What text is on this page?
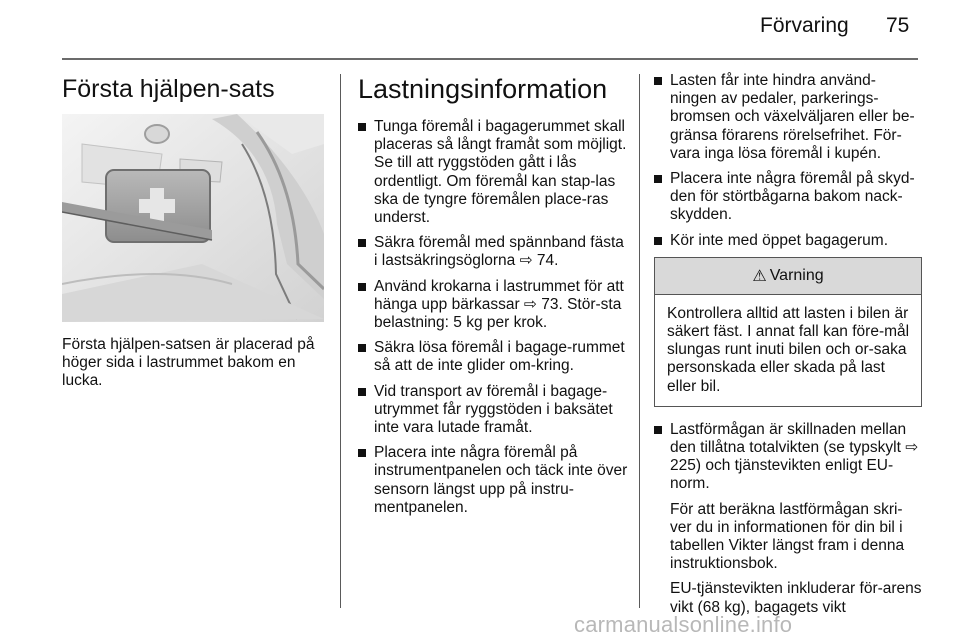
Förvaring 75
Första hjälpen-sats

Första hjälpen-satsen är placerad på höger sida i lastrummet bakom en lucka.

Lastningsinformation
Tunga föremål i bagagerummet skall placeras så långt framåt som möjligt. Se till att ryggstöden gått i lås ordentligt. Om föremål kan stap-las ska de tyngre föremålen place-ras underst.
Säkra föremål med spännband fästa i lastsäkringsöglorna ⇨ 74.
Använd krokarna i lastrummet för att hänga upp bärkassar ⇨ 73. Stör-sta belastning: 5 kg per krok.
Säkra lösa föremål i bagage-rummet så att de inte glider om-kring.
Vid transport av föremål i bagage-utrymmet får ryggstöden i baksätet inte vara lutade framåt.
Placera inte några föremål på instrumentpanelen och täck inte över sensorn längst upp på instru-mentpanelen.
Lasten får inte hindra använd-ningen av pedaler, parkerings-bromsen och växelväljaren eller be-gränsa förarens rörelsefrihet. För-vara inga lösa föremål i kupén.
Placera inte några föremål på skyd-den för störtbågarna bakom nack-skydden.
Kör inte med öppet bagagerum.
⚠ Varning
Kontrollera alltid att lasten i bilen är säkert fäst. I annat fall kan före-mål slungas runt inuti bilen och or-saka personskada eller skada på last eller bil.
Lastförmågan är skillnaden mellan den tillåtna totalvikten (se typskylt ⇨ 225) och tjänstevikten enligt EU-norm.
För att beräkna lastförmågan skri-ver du in informationen för din bil i tabellen Vikter längst fram i denna instruktionsbok.
EU-tjänstevikten inkluderar för-arens vikt (68 kg), bagagets vikt
carmanualsonline.info
